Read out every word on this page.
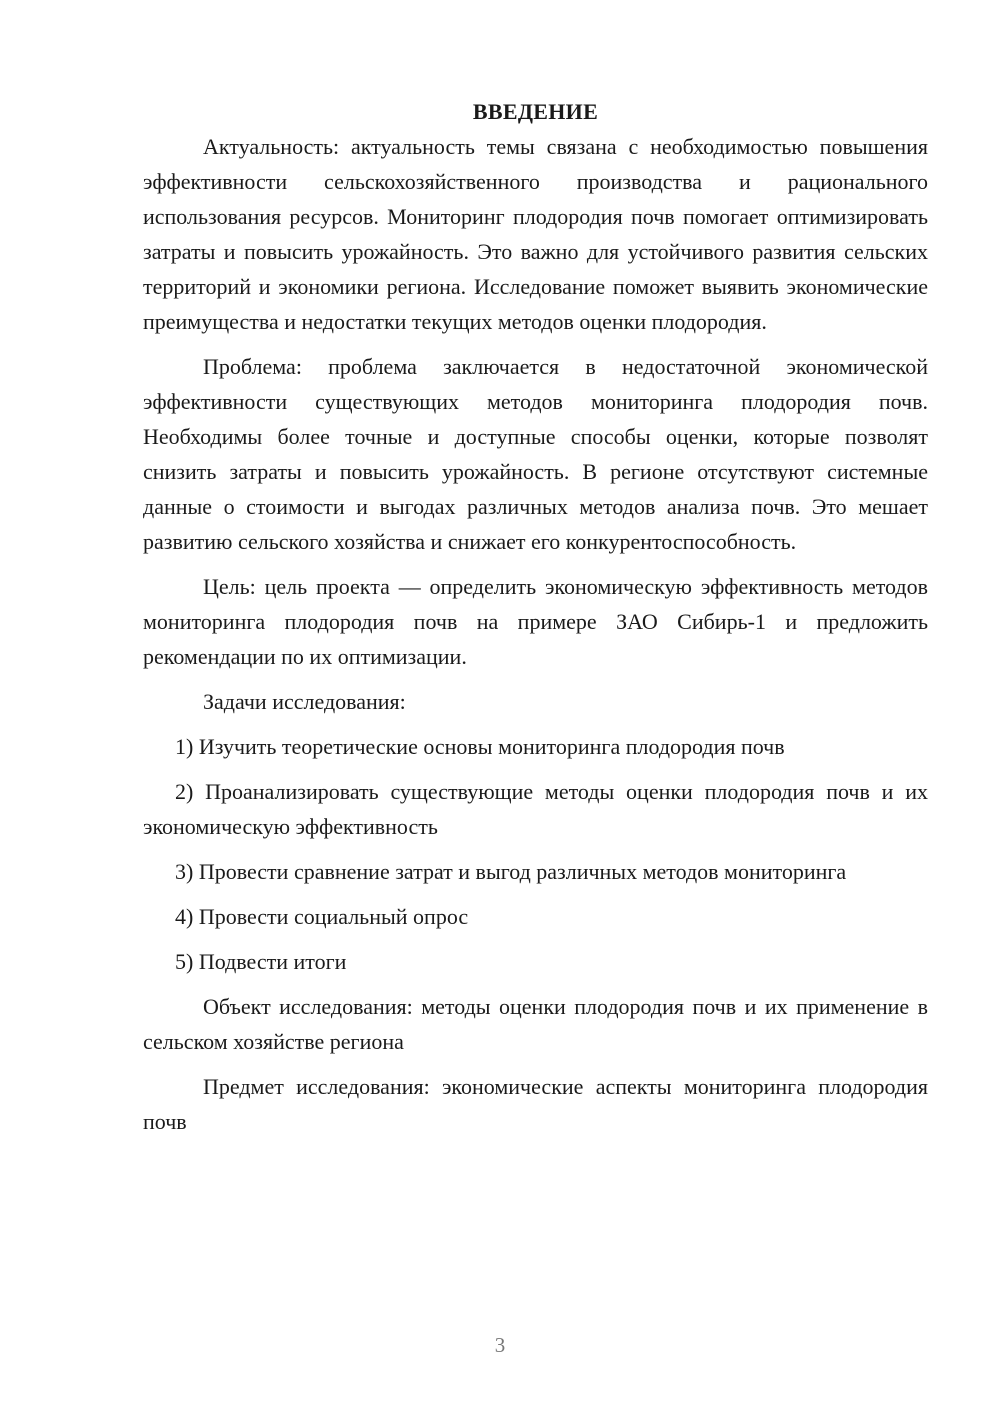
ВВЕДЕНИЕ

Актуальность: актуальность темы связана с необходимостью повышения эффективности сельскохозяйственного производства и рационального использования ресурсов. Мониторинг плодородия почв помогает оптимизировать затраты и повысить урожайность. Это важно для устойчивого развития сельских территорий и экономики региона. Исследование поможет выявить экономические преимущества и недостатки текущих методов оценки плодородия.

Проблема: проблема заключается в недостаточной экономической эффективности существующих методов мониторинга плодородия почв. Необходимы более точные и доступные способы оценки, которые позволят снизить затраты и повысить урожайность. В регионе отсутствуют системные данные о стоимости и выгодах различных методов анализа почв. Это мешает развитию сельского хозяйства и снижает его конкурентоспособность.

Цель: цель проекта — определить экономическую эффективность методов мониторинга плодородия почв на примере ЗАО Сибирь-1 и предложить рекомендации по их оптимизации.

Задачи исследования:

1) Изучить теоретические основы мониторинга плодородия почв

2) Проанализировать существующие методы оценки плодородия почв и их экономическую эффективность

3) Провести сравнение затрат и выгод различных методов мониторинга

4) Провести социальный опрос

5) Подвести итоги

Объект исследования: методы оценки плодородия почв и их применение в сельском хозяйстве региона

Предмет исследования: экономические аспекты мониторинга плодородия почв

3
